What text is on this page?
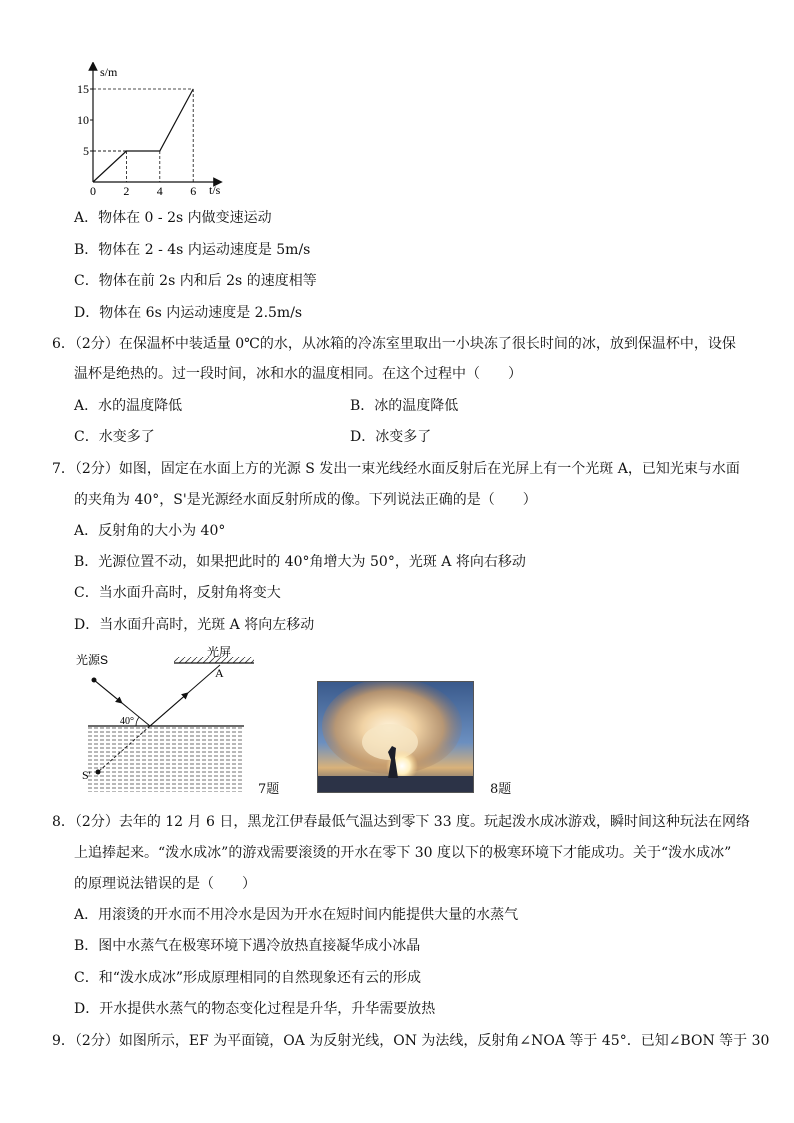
s/m
t/s
0 2 4 6
5
10
15
A．物体在 0 - 2s 内做变速运动
B．物体在 2 - 4s 内运动速度是 5m/s
C．物体在前 2s 内和后 2s 的速度相等
D．物体在 6s 内运动速度是 2.5m/s
6．（2分）在保温杯中装适量 0℃的水，从冰箱的冷冻室里取出一小块冻了很长时间的冰，放到保温杯中，设保
温杯是绝热的。过一段时间，冰和水的温度相同。在这个过程中（　　）
A．水的温度降低	B．冰的温度降低
C．水变多了	D．冰变多了
7．（2分）如图，固定在水面上方的光源 S 发出一束光线经水面反射后在光屏上有一个光斑 A，已知光束与水面
的夹角为 40°，S'是光源经水面反射所成的像。下列说法正确的是（　　）
A．反射角的大小为 40°
B．光源位置不动，如果把此时的 40°角增大为 50°，光斑 A 将向右移动
C．当水面升高时，反射角将变大
D．当水面升高时，光斑 A 将向左移动
光源S
光屏
A
40°
S'
7题	8题
8．（2分）去年的 12 月 6 日，黑龙江伊春最低气温达到零下 33 度。玩起泼水成冰游戏，瞬时间这种玩法在网络
上追捧起来。“泼水成冰”的游戏需要滚烫的开水在零下 30 度以下的极寒环境下才能成功。关于“泼水成冰”
的原理说法错误的是（　　）
A．用滚烫的开水而不用冷水是因为开水在短时间内能提供大量的水蒸气
B．图中水蒸气在极寒环境下遇冷放热直接凝华成小冰晶
C．和“泼水成冰”形成原理相同的自然现象还有云的形成
D．开水提供水蒸气的物态变化过程是升华，升华需要放热
9．（2分）如图所示，EF 为平面镜，OA 为反射光线，ON 为法线，反射角∠NOA 等于 45°．已知∠BON 等于 30
